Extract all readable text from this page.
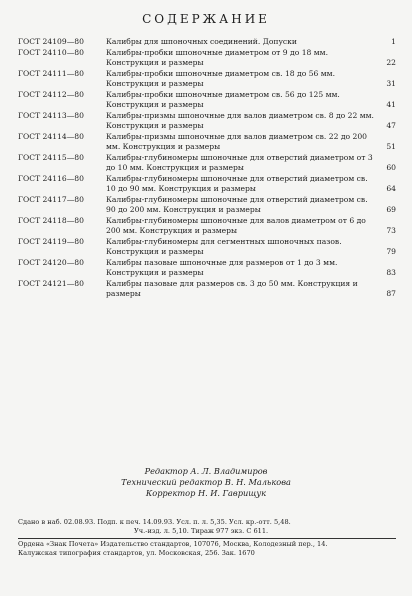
СОДЕРЖАНИЕ
ГОСТ 24109—80	Калибры для шпоночных соединений. Допуски	1
ГОСТ 24110—80	Калибры-пробки шпоночные диаметром от 9 до 18 мм. Конструкция и размеры	22
ГОСТ 24111—80	Калибры-пробки шпоночные диаметром св. 18 до 56 мм. Конструкция и размеры	31
ГОСТ 24112—80	Калибры-пробки шпоночные диаметром св. 56 до 125 мм. Конструкция и размеры	41
ГОСТ 24113—80	Калибры-призмы шпоночные для валов диаметром св. 8 до 22 мм. Конструкция и размеры	47
ГОСТ 24114—80	Калибры-призмы шпоночные для валов диаметром св. 22 до 200 мм. Конструкция и размеры	51
ГОСТ 24115—80	Калибры-глубиномеры шпоночные для отверстий диаметром от 3 до 10 мм. Конструкция и размеры	60
ГОСТ 24116—80	Калибры-глубиномеры шпоночные для отверстий диаметром св. 10 до 90 мм. Конструкция и размеры	64
ГОСТ 24117—80	Калибры-глубиномеры шпоночные для отверстий диаметром св. 90 до 200 мм. Конструкция и размеры	69
ГОСТ 24118—80	Калибры-глубиномеры шпоночные для валов диаметром от 6 до 200 мм. Конструкция и размеры	73
ГОСТ 24119—80	Калибры-глубиномеры для сегментных шпоночных пазов. Конструкция и размеры	79
ГОСТ 24120—80	Калибры пазовые шпоночные для размеров от 1 до 3 мм. Конструкция и размеры	83
ГОСТ 24121—80	Калибры пазовые для размеров св. 3 до 50 мм. Конструкция и размеры	87
Редактор А. Л. Владимиров
Технический редактор В. Н. Малькова
Корректор Н. И. Гаврищук
Сдано в наб. 02.08.93. Подп. к печ. 14.09.93. Усл. п. л. 5,35. Усл. кр.-отт. 5,48.
Уч.-изд. л. 5,10. Тираж 977 экз. С 611.
Ордена «Знак Почета» Издательство стандартов, 107076, Москва, Колодезный пер., 14.
Калужская типография стандартов, ул. Московская, 256. Зак. 1670
